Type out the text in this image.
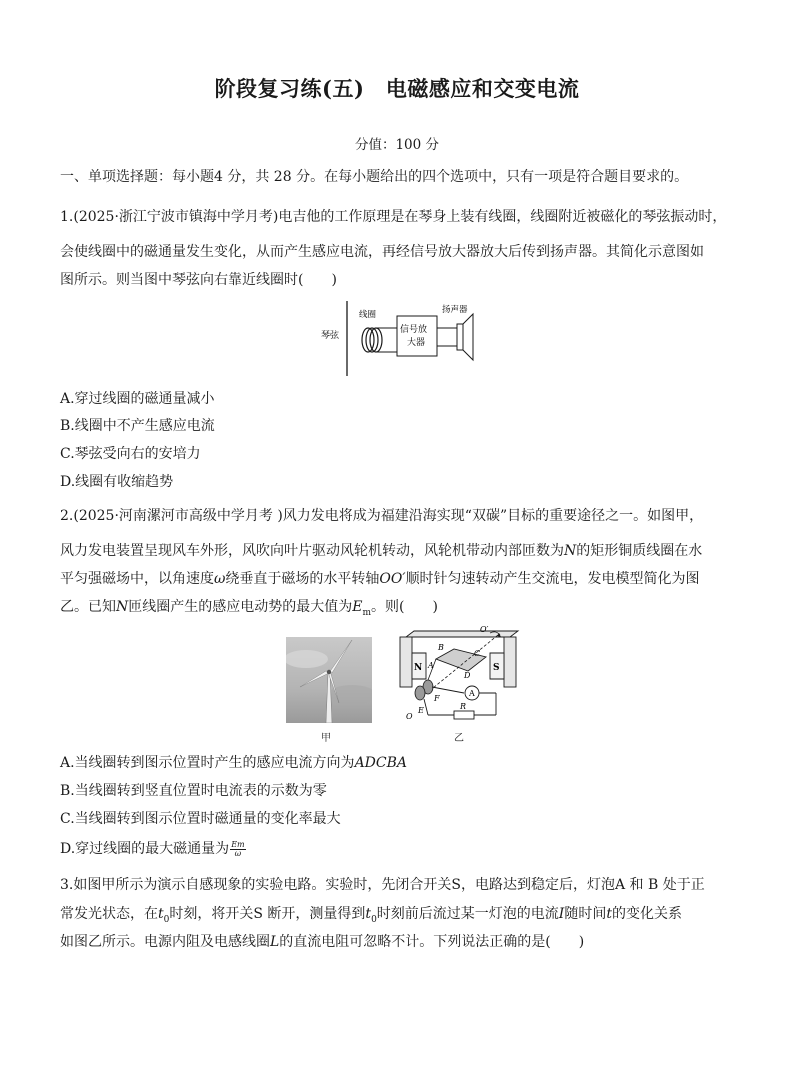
阶段复习练(五)　电磁感应和交变电流
分值：100 分
一、单项选择题：每小题4 分，共 28 分。在每小题给出的四个选项中，只有一项是符合题目要求的。
1.(2025·浙江宁波市镇海中学月考)电吉他的工作原理是在琴身上装有线圈，线圈附近被磁化的琴弦振动时，
会使线圈中的磁通量发生变化，从而产生感应电流，再经信号放大器放大后传到扬声器。其简化示意图如
图所示。则当图中琴弦向右靠近线圈时(　　)
琴弦
线圈
信号放
大器
扬声器
A.穿过线圈的磁通量减小
B.线圈中不产生感应电流
C.琴弦受向右的安培力
D.线圈有收缩趋势
2.(2025·河南漯河市高级中学月考 )风力发电将成为福建沿海实现“双碳”目标的重要途径之一。如图甲，
风力发电装置呈现风车外形，风吹向叶片驱动风轮机转动，风轮机带动内部匝数为N的矩形铜质线圈在水
平匀强磁场中，以角速度ω绕垂直于磁场的水平转轴OO′顺时针匀速转动产生交流电，发电模型简化为图
乙。已知N匝线圈产生的感应电动势的最大值为$E_m$。则(　　)
甲
N	S
A
B
A
C
D
O′
F
E
O
R
乙
A.当线圈转到图示位置时产生的感应电流方向为ADCBA
B.当线圈转到竖直位置时电流表的示数为零
C.当线圈转到图示位置时磁通量的变化率最大
D.穿过线圈的最大磁通量为 $\frac{Em}{\omega}$
3.如图甲所示为演示自感现象的实验电路。实验时，先闭合开关S，电路达到稳定后，灯泡A 和 B 处于正
常发光状态，在$t_0$时刻，将开关S 断开，测量得到$t_0$时刻前后流过某一灯泡的电流I随时间t的变化关系
如图乙所示。电源内阻及电感线圈L的直流电阻可忽略不计。下列说法正确的是(　　)
